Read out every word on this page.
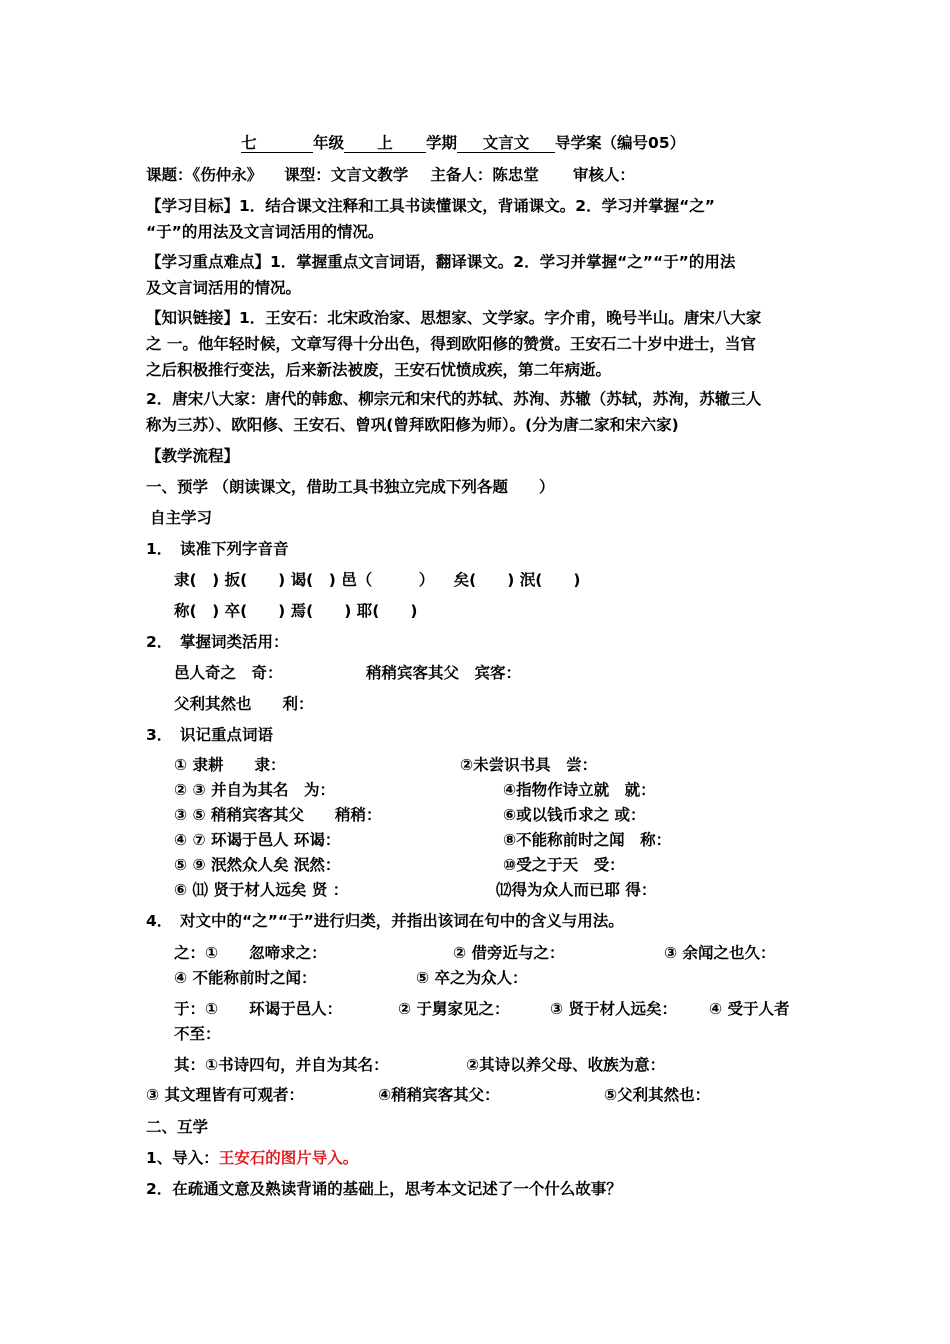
七	年级 上 学期 文言文 导学案（编号05）
课题：《伤仲永》 课型：文言文教学 主备人：陈忠堂 审核人：
【学习目标】1．结合课文注释和工具书读懂课文，背诵课文。2．学习并掌握“之”
“于”的用法及文言词活用的情况。
【学习重点难点】1．掌握重点文言词语，翻译课文。2．学习并掌握“之”“于”的用法
及文言词活用的情况。
【知识链接】1．王安石：北宋政治家、思想家、文学家。字介甫，晚号半山。唐宋八大家
之 一。他年轻时候，文章写得十分出色，得到欧阳修的赞赏。王安石二十岁中进士，当官
之后积极推行变法，后来新法被废，王安石忧愤成疾，第二年病逝。
2．唐宋八大家：唐代的韩愈、柳宗元和宋代的苏轼、苏洵、苏辙（苏轼，苏洵，苏辙三人
称为三苏）、欧阳修、王安石、曾巩(曾拜欧阳修为师）。(分为唐二家和宋六家)
【教学流程】
一、预学 （朗读课文，借助工具书独立完成下列各题　　）
自主学习
1．　读准下列字音音
隶(　) 扳(　　) 谒(　) 邑（　　　） 矣(　　) 泯(　　)
称(　) 卒(　　) 焉(　　) 耶(　　)
2．　掌握词类活用：
邑人奇之　奇：	稍稍宾客其父　宾客：
父利其然也　　利：
3．　识记重点词语
① 隶耕　　隶：	②未尝识书具　尝：
② ③ 并自为其名　为：	④指物作诗立就　就：
③ ⑤ 稍稍宾客其父　　稍稍：	⑥或以钱币求之 或：
④ ⑦ 环谒于邑人 环谒：	⑧不能称前时之闻　称：
⑤ ⑨ 泯然众人矣 泯然：	⑩受之于天　受：
⑥ ⑾ 贤于材人远矣 贤 ：	⑿得为众人而已耶 得：
4．　对文中的“之”“于”进行归类，并指出该词在句中的含义与用法。
之：①　　忽啼求之：	② 借旁近与之：	③ 余闻之也久：
④ 不能称前时之闻：	⑤ 卒之为众人：
于：①　　环谒于邑人：	② 于舅家见之：	③ 贤于材人远矣： ④ 受于人者
不至：
其：①书诗四句，并自为其名：	②其诗以养父母、收族为意：
③ 其文理皆有可观者：	④稍稍宾客其父：	⑤父利其然也：
二、互学
1、导入：王安石的图片导入。
2．在疏通文意及熟读背诵的基础上，思考本文记述了一个什么故事？
